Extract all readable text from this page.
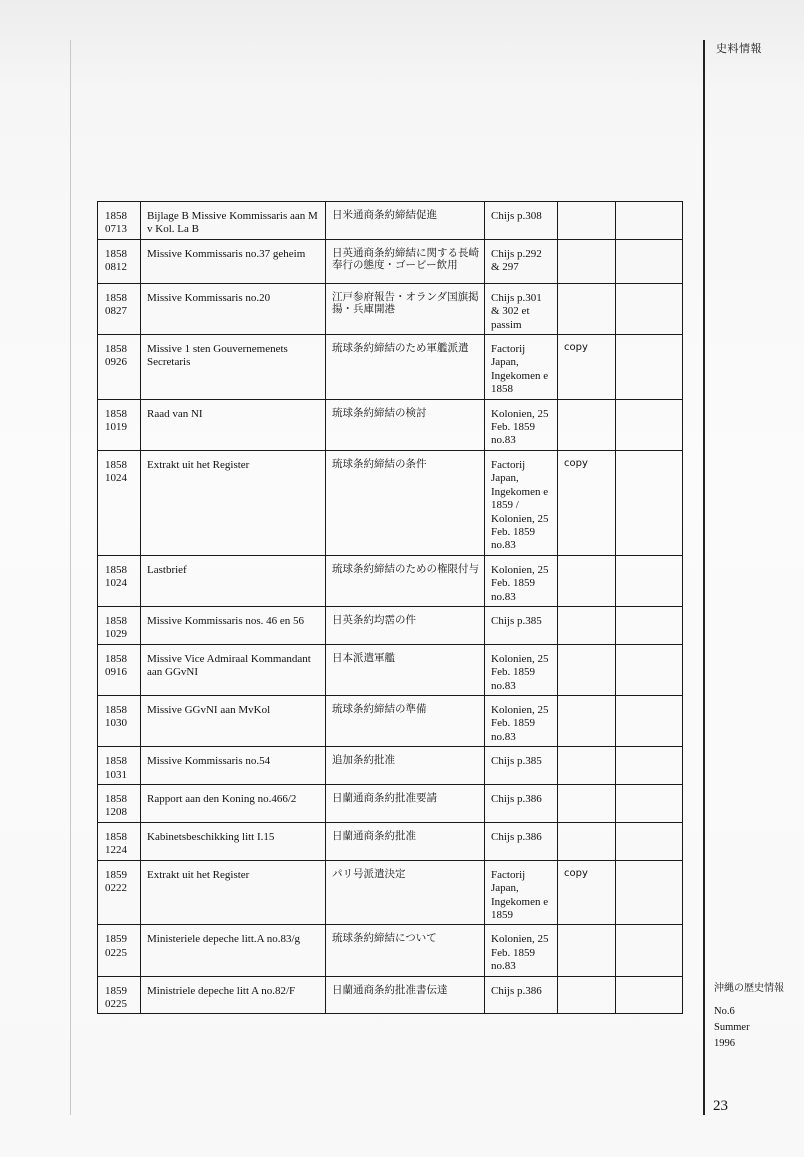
史料情報
1858
0713	Bijlage B Missive Kommissaris aan M v Kol. La B	日米通商条約締結促進	Chijs p.308		

1858
0812	Missive Kommissaris no.37 geheim	日英通商条約締結に関する長崎奉行の態度・ゴービー飲用	Chijs p.292 & 297		

1858
0827	Missive Kommissaris no.20	江戸参府報告・オランダ国旗掲揚・兵庫開港	Chijs p.301 & 302 et passim		

1858
0926	Missive 1 sten Gouvernemenets Secretaris	琉球条約締結のため軍艦派遣	Factorij Japan, Ingekomen e 1858	copy	

1858
1019	Raad van NI	琉球条約締結の検討	Kolonien, 25 Feb. 1859 no.83		

1858
1024	Extrakt uit het Register	琉球条約締結の条件	Factorij Japan, Ingekomen e 1859 / Kolonien, 25 Feb. 1859 no.83	copy	

1858
1024	Lastbrief	琉球条約締結のための権限付与	Kolonien, 25 Feb. 1859 no.83		

1858
1029	Missive Kommissaris nos. 46 en 56	日英条約均霑の件	Chijs p.385		

1858
0916	Missive Vice Admiraal Kommandant aan GGvNI	日本派遣軍艦	Kolonien, 25 Feb. 1859 no.83		

1858
1030	Missive GGvNI aan MvKol	琉球条約締結の準備	Kolonien, 25 Feb. 1859 no.83		

1858
1031	Missive Kommissaris no.54	追加条約批准	Chijs p.385		

1858
1208	Rapport aan den Koning no.466/2	日蘭通商条約批准要請	Chijs p.386		

1858
1224	Kabinetsbeschikking litt I.15	日蘭通商条約批准	Chijs p.386		

1859
0222	Extrakt uit het Register	パリ号派遣決定	Factorij Japan, Ingekomen e 1859	copy	

1859
0225	Ministeriele depeche litt.A no.83/g	琉球条約締結について	Kolonien, 25 Feb. 1859 no.83		

1859
0225	Ministriele depeche litt A no.82/F	日蘭通商条約批准書伝達	Chijs p.386			沖縄の歴史情報
No.6
Summer
1996
23
